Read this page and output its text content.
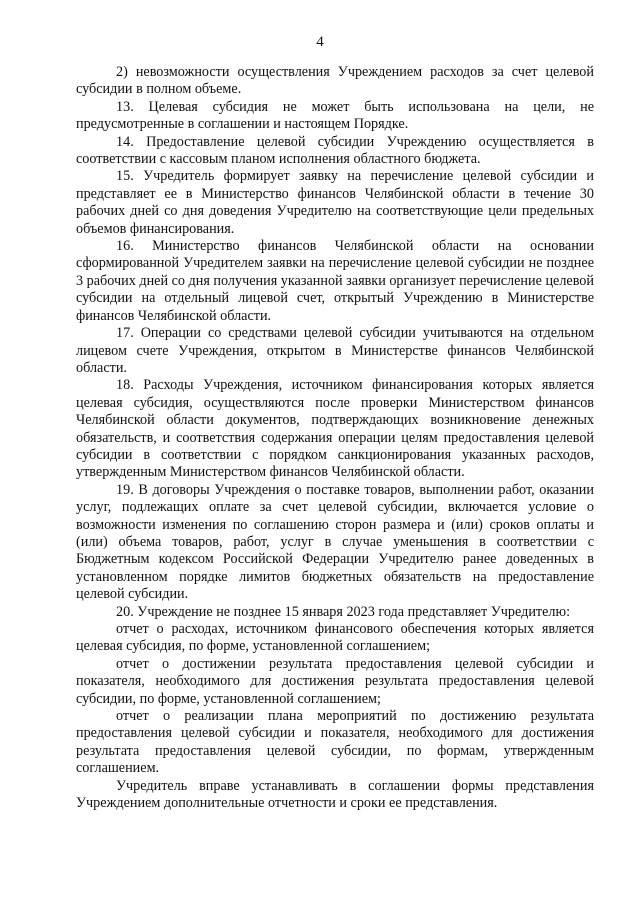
4

2) невозможности осуществления Учреждением расходов за счет целевой субсидии в полном объеме.

13. Целевая субсидия не может быть использована на цели, не предусмотренные в соглашении и настоящем Порядке.

14. Предоставление целевой субсидии Учреждению осуществляется в соответствии с кассовым планом исполнения областного бюджета.

15. Учредитель формирует заявку на перечисление целевой субсидии и представляет ее в Министерство финансов Челябинской области в течение 30 рабочих дней со дня доведения Учредителю на соответствующие цели предельных объемов финансирования.

16. Министерство финансов Челябинской области на основании сформированной Учредителем заявки на перечисление целевой субсидии не позднее 3 рабочих дней со дня получения указанной заявки организует перечисление целевой субсидии на отдельный лицевой счет, открытый Учреждению в Министерстве финансов Челябинской области.

17. Операции со средствами целевой субсидии учитываются на отдельном лицевом счете Учреждения, открытом в Министерстве финансов Челябинской области.

18. Расходы Учреждения, источником финансирования которых является целевая субсидия, осуществляются после проверки Министерством финансов Челябинской области документов, подтверждающих возникновение денежных обязательств, и соответствия содержания операции целям предоставления целевой субсидии в соответствии с порядком санкционирования указанных расходов, утвержденным Министерством финансов Челябинской области.

19. В договоры Учреждения о поставке товаров, выполнении работ, оказании услуг, подлежащих оплате за счет целевой субсидии, включается условие о возможности изменения по соглашению сторон размера и (или) сроков оплаты и (или) объема товаров, работ, услуг в случае уменьшения в соответствии с Бюджетным кодексом Российской Федерации Учредителю ранее доведенных в установленном порядке лимитов бюджетных обязательств на предоставление целевой субсидии.

20. Учреждение не позднее 15 января 2023 года представляет Учредителю:

отчет о расходах, источником финансового обеспечения которых является целевая субсидия, по форме, установленной соглашением;

отчет о достижении результата предоставления целевой субсидии и показателя, необходимого для достижения результата предоставления целевой субсидии, по форме, установленной соглашением;

отчет о реализации плана мероприятий по достижению результата предоставления целевой субсидии и показателя, необходимого для достижения результата предоставления целевой субсидии, по формам, утвержденным соглашением.

Учредитель вправе устанавливать в соглашении формы представления Учреждением дополнительные отчетности и сроки ее представления.
